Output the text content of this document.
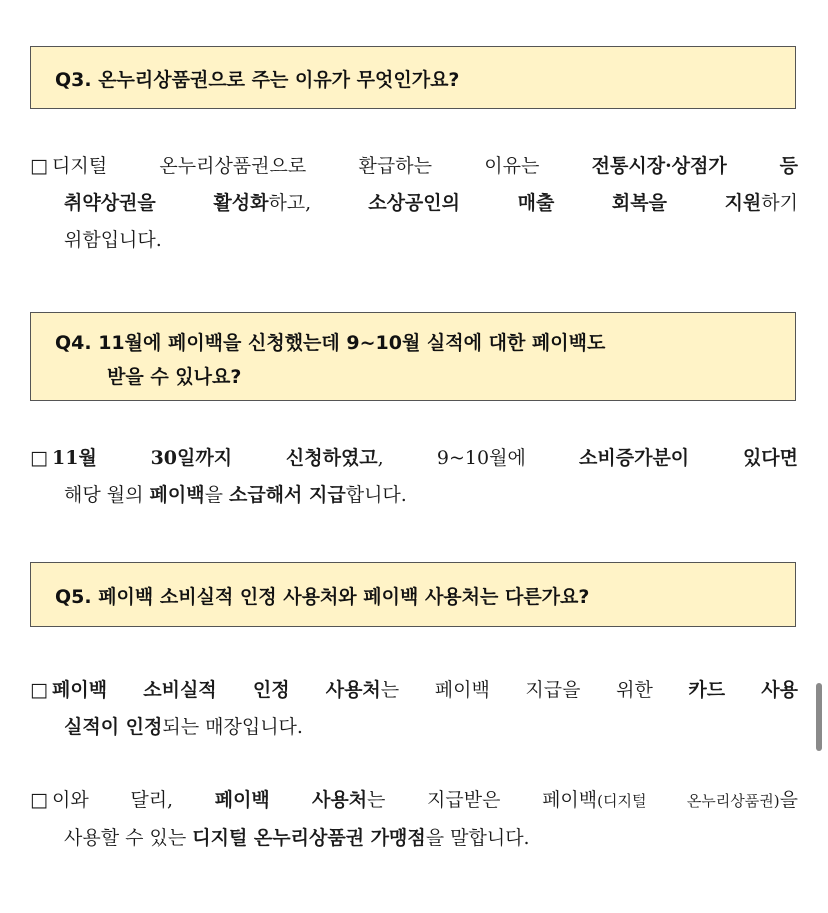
Q3. 온누리상품권으로 주는 이유가 무엇인가요?
□ 디지털 온누리상품권으로 환급하는 이유는 전통시장·상점가 등
취약상권을 활성화하고, 소상공인의 매출 회복을 지원하기
위함입니다.
Q4. 11월에 페이백을 신청했는데 9~10월 실적에 대한 페이백도
받을 수 있나요?
□ 11월 30일까지 신청하였고, 9~10월에 소비증가분이 있다면
해당 월의 페이백을 소급해서 지급합니다.
Q5. 페이백 소비실적 인정 사용처와 페이백 사용처는 다른가요?
□ 페이백 소비실적 인정 사용처는 페이백 지급을 위한 카드 사용
실적이 인정되는 매장입니다.
□ 이와 달리, 페이백 사용처는 지급받은 페이백(디지털 온누리상품권)을
사용할 수 있는 디지털 온누리상품권 가맹점을 말합니다.
